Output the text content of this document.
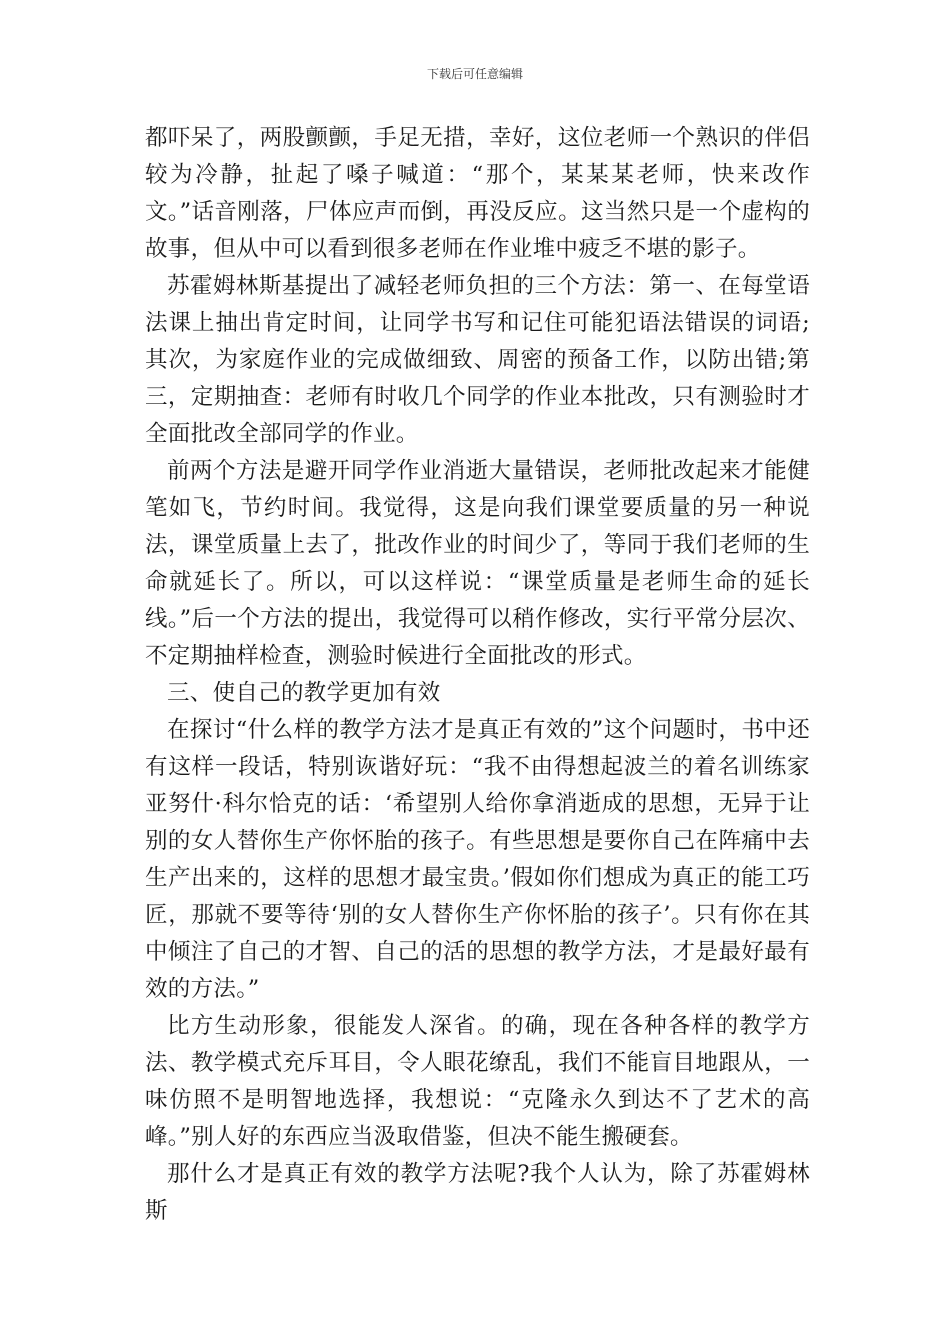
下载后可任意编辑

都吓呆了，两股颤颤，手足无措，幸好，这位老师一个熟识的伴侣较为冷静，扯起了嗓子喊道：“那个，某某某老师，快来改作文。”话音刚落，尸体应声而倒，再没反应。这当然只是一个虚构的故事，但从中可以看到很多老师在作业堆中疲乏不堪的影子。

苏霍姆林斯基提出了减轻老师负担的三个方法：第一、在每堂语法课上抽出肯定时间，让同学书写和记住可能犯语法错误的词语;其次，为家庭作业的完成做细致、周密的预备工作，以防出错;第三，定期抽查：老师有时收几个同学的作业本批改，只有测验时才全面批改全部同学的作业。

前两个方法是避开同学作业消逝大量错误，老师批改起来才能健笔如飞，节约时间。我觉得，这是向我们课堂要质量的另一种说法，课堂质量上去了，批改作业的时间少了，等同于我们老师的生命就延长了。所以，可以这样说：“课堂质量是老师生命的延长线。”后一个方法的提出，我觉得可以稍作修改，实行平常分层次、不定期抽样检查，测验时候进行全面批改的形式。

三、使自己的教学更加有效

在探讨“什么样的教学方法才是真正有效的”这个问题时，书中还有这样一段话，特别诙谐好玩：“我不由得想起波兰的着名训练家亚努什·科尔恰克的话：‘希望别人给你拿消逝成的思想，无异于让别的女人替你生产你怀胎的孩子。有些思想是要你自己在阵痛中去生产出来的，这样的思想才最宝贵。’假如你们想成为真正的能工巧匠，那就不要等待‘别的女人替你生产你怀胎的孩子’。只有你在其中倾注了自己的才智、自己的活的思想的教学方法，才是最好最有效的方法。”

比方生动形象，很能发人深省。的确，现在各种各样的教学方法、教学模式充斥耳目，令人眼花缭乱，我们不能盲目地跟从，一味仿照不是明智地选择，我想说：“克隆永久到达不了艺术的高峰。”别人好的东西应当汲取借鉴，但决不能生搬硬套。

那什么才是真正有效的教学方法呢?我个人认为，除了苏霍姆林斯
